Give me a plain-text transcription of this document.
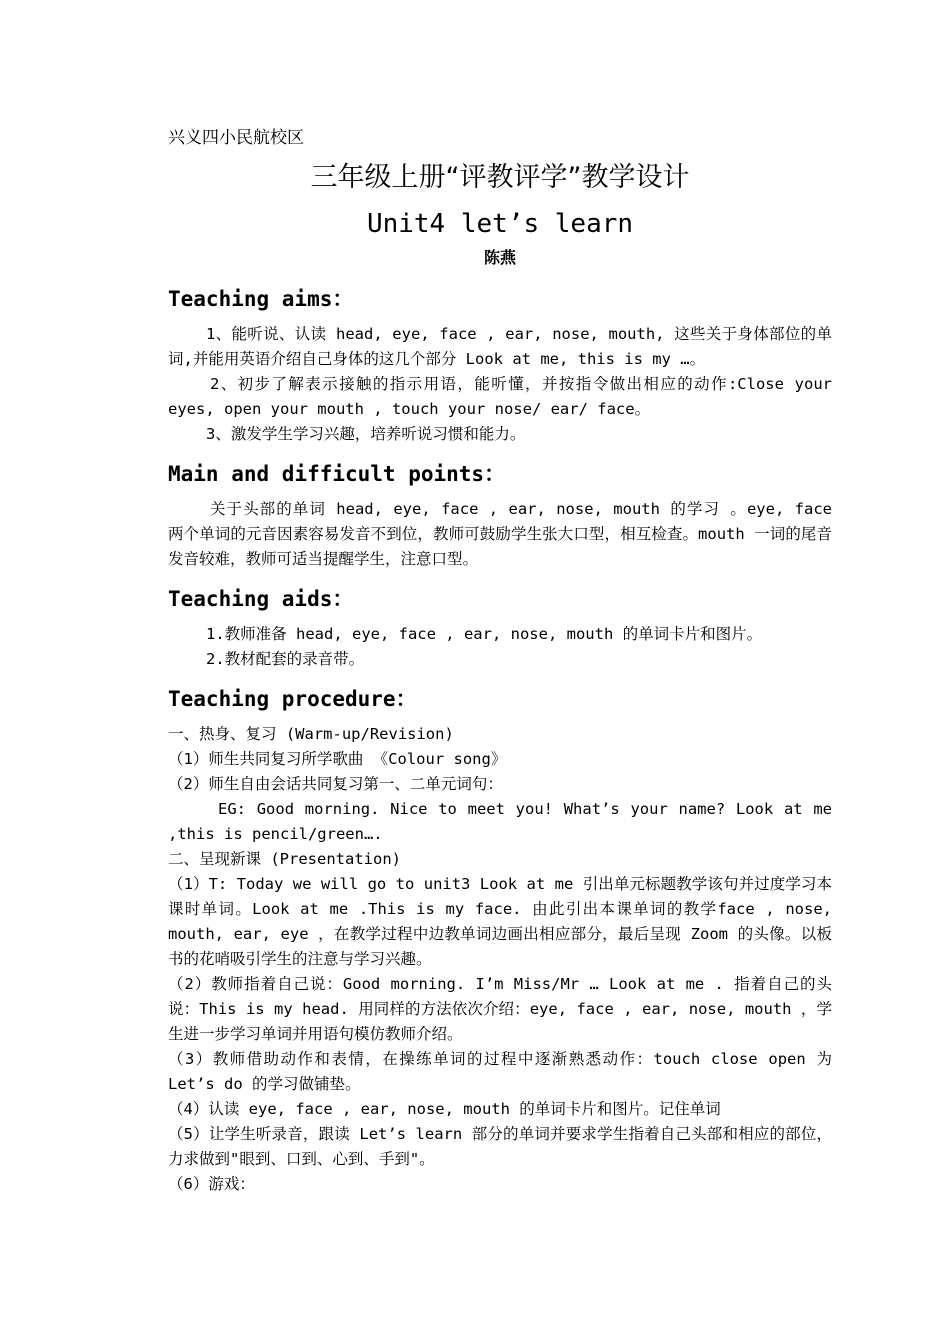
兴义四小民航校区

三年级上册“评教评学”教学设计

Unit4 let’s learn

陈燕

Teaching aims：

1、能听说、认读 head, eye, face , ear, nose, mouth, 这些关于身体部位的单词,并能用英语介绍自己身体的这几个部分 Look at me, this is my …。

2、初步了解表示接触的指示用语，能听懂，并按指令做出相应的动作:Close your eyes, open your mouth , touch your nose/ ear/ face。

3、激发学生学习兴趣，培养听说习惯和能力。

Main and difficult points：

关于头部的单词 head, eye, face , ear, nose, mouth 的学习 。eye, face 两个单词的元音因素容易发音不到位，教师可鼓励学生张大口型，相互检查。mouth 一词的尾音发音较难，教师可适当提醒学生，注意口型。

Teaching aids：

1.教师准备 head, eye, face , ear, nose, mouth 的单词卡片和图片。

2.教材配套的录音带。

Teaching procedure：

一、热身、复习 (Warm-up/Revision)

（1）师生共同复习所学歌曲 《Colour song》

（2）师生自由会话共同复习第一、二单元词句：

EG: Good morning. Nice to meet you! What’s your name? Look at me ,this is pencil/green….

二、呈现新课 (Presentation)

（1）T: Today we will go to unit3 Look at me 引出单元标题教学该句并过度学习本课时单词。Look at me .This is my face. 由此引出本课单词的教学face , nose, mouth, ear, eye ，在教学过程中边教单词边画出相应部分，最后呈现 Zoom 的头像。以板书的花哨吸引学生的注意与学习兴趣。

（2）教师指着自己说：Good morning. I’m Miss/Mr … Look at me . 指着自己的头说：This is my head. 用同样的方法依次介绍：eye, face , ear, nose, mouth ，学生进一步学习单词并用语句模仿教师介绍。

（3）教师借助动作和表情，在操练单词的过程中逐渐熟悉动作：touch close open 为Let’s do 的学习做铺垫。

（4）认读 eye, face , ear, nose, mouth 的单词卡片和图片。记住单词

（5）让学生听录音，跟读 Let’s learn 部分的单词并要求学生指着自己头部和相应的部位，力求做到"眼到、口到、心到、手到"。

（6）游戏：
